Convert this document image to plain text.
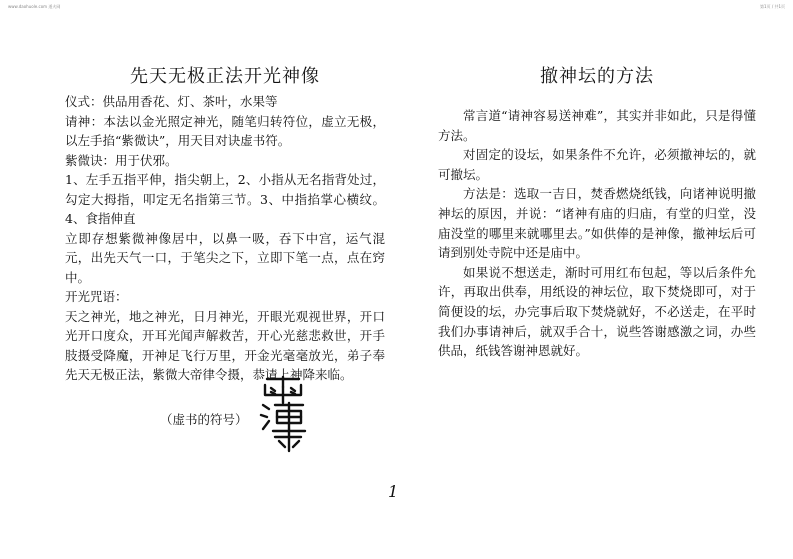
www.daohuole.com 道火网	第1页 / 共1页
先天无极正法开光神像

仪式：供品用香花、灯、茶叶，水果等

请神：本法以金光照定神光，随笔归转符位，虚立无极，以左手掐“紫微诀”，用天目对诀虚书符。

紫微诀：用于伏邪。

1、左手五指平伸，指尖朝上，2、小指从无名指背处过，勾定大拇指，叩定无名指第三节。3、中指掐掌心横纹。4、食指伸直

立即存想紫微神像居中，以鼻一吸，吞下中宫，运气混元，出先天气一口，于笔尖之下，立即下笔一点，点在窍中。

开光咒语：

天之神光，地之神光，日月神光，开眼光观视世界，开口光开口度众，开耳光闻声解救苦，开心光慈悲救世，开手肢摄受降魔，开神足飞行万里，开金光毫毫放光，弟子奉先天无极正法，紫微大帝律令摄，恭请上神降来临。

（虚书的符号）
撤神坛的方法

常言道“请神容易送神难”，其实并非如此，只是得懂方法。

对固定的设坛，如果条件不允许，必须撤神坛的，就可撤坛。

方法是：选取一吉日，焚香燃烧纸钱，向诸神说明撤神坛的原因，并说：“诸神有庙的归庙，有堂的归堂，没庙没堂的哪里来就哪里去。”如供俸的是神像，撤神坛后可请到别处寺院中还是庙中。

如果说不想送走，渐时可用红布包起，等以后条件允许，再取出供奉，用纸设的神坛位，取下焚烧即可，对于简便设的坛，办完事后取下焚烧就好，不必送走，在平时我们办事请神后，就双手合十，说些答谢感激之词，办些供品，纸钱答谢神恩就好。

1
